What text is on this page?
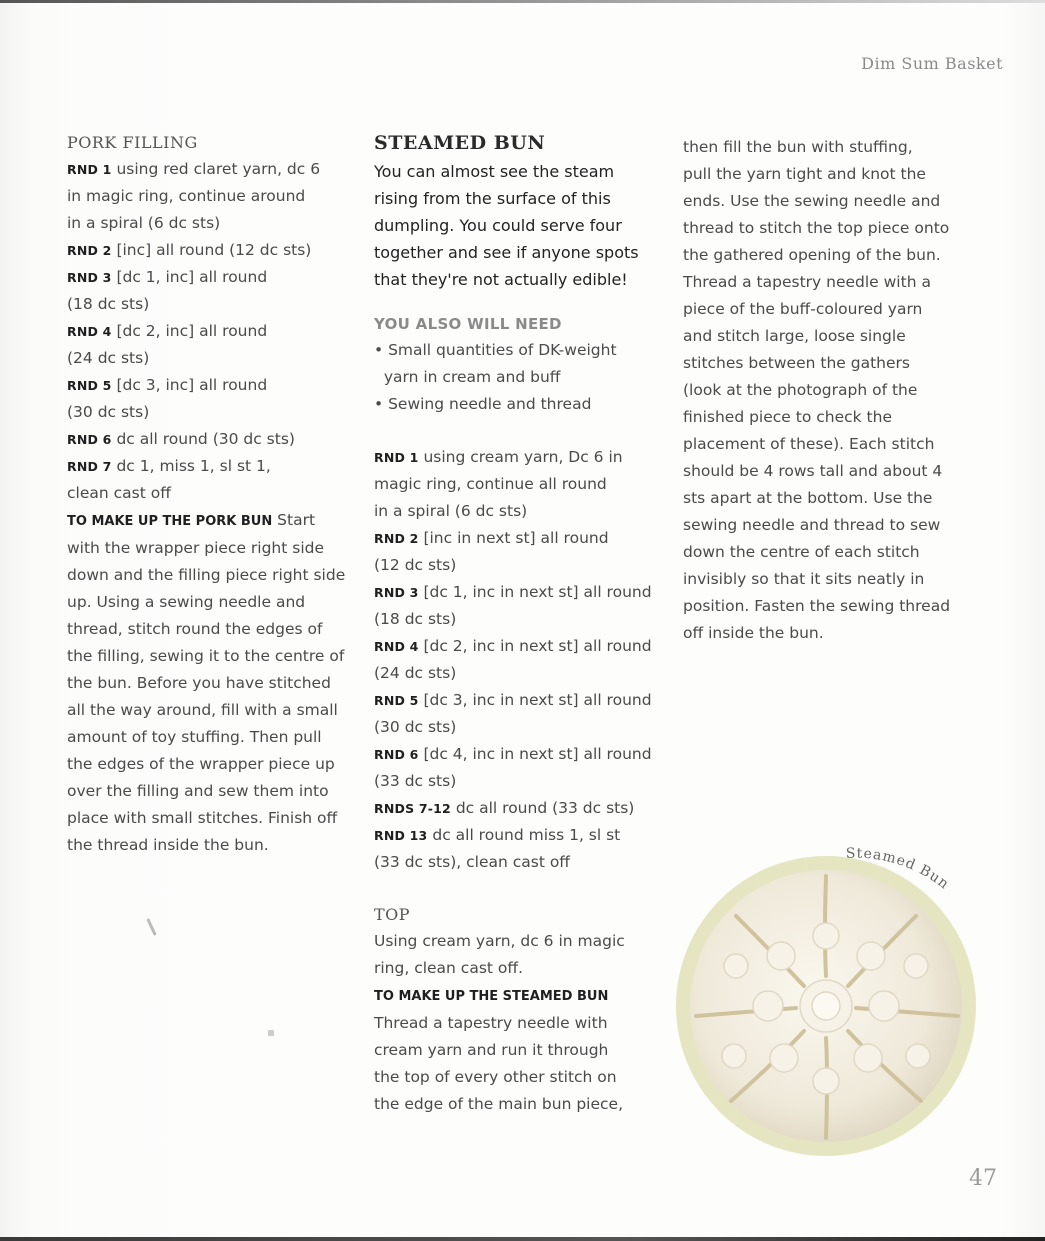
Dim Sum Basket
PORK FILLING
RND 1 using red claret yarn, dc 6
in magic ring, continue around
in a spiral (6 dc sts)
RND 2 [inc] all round (12 dc sts)
RND 3 [dc 1, inc] all round
(18 dc sts)
RND 4 [dc 2, inc] all round
(24 dc sts)
RND 5 [dc 3, inc] all round
(30 dc sts)
RND 6 dc all round (30 dc sts)
RND 7 dc 1, miss 1, sl st 1,
clean cast off
TO MAKE UP THE PORK BUN Start
with the wrapper piece right side
down and the filling piece right side
up. Using a sewing needle and
thread, stitch round the edges of
the filling, sewing it to the centre of
the bun. Before you have stitched
all the way around, fill with a small
amount of toy stuffing. Then pull
the edges of the wrapper piece up
over the filling and sew them into
place with small stitches. Finish off
the thread inside the bun.
STEAMED BUN
You can almost see the steam
rising from the surface of this
dumpling. You could serve four
together and see if anyone spots
that they're not actually edible!
YOU ALSO WILL NEED
• Small quantities of DK-weight
yarn in cream and buff
• Sewing needle and thread
RND 1 using cream yarn, Dc 6 in
magic ring, continue all round
in a spiral (6 dc sts)
RND 2 [inc in next st] all round
(12 dc sts)
RND 3 [dc 1, inc in next st] all round
(18 dc sts)
RND 4 [dc 2, inc in next st] all round
(24 dc sts)
RND 5 [dc 3, inc in next st] all round
(30 dc sts)
RND 6 [dc 4, inc in next st] all round
(33 dc sts)
RNDS 7-12 dc all round (33 dc sts)
RND 13 dc all round miss 1, sl st
(33 dc sts), clean cast off
TOP
Using cream yarn, dc 6 in magic
ring, clean cast off.
TO MAKE UP THE STEAMED BUN
Thread a tapestry needle with
cream yarn and run it through
the top of every other stitch on
the edge of the main bun piece,
then fill the bun with stuffing,
pull the yarn tight and knot the
ends. Use the sewing needle and
thread to stitch the top piece onto
the gathered opening of the bun.
Thread a tapestry needle with a
piece of the buff-coloured yarn
and stitch large, loose single
stitches between the gathers
(look at the photograph of the
finished piece to check the
placement of these). Each stitch
should be 4 rows tall and about 4
sts apart at the bottom. Use the
sewing needle and thread to sew
down the centre of each stitch
invisibly so that it sits neatly in
position. Fasten the sewing thread
off inside the bun.
Steamed Bun
47
